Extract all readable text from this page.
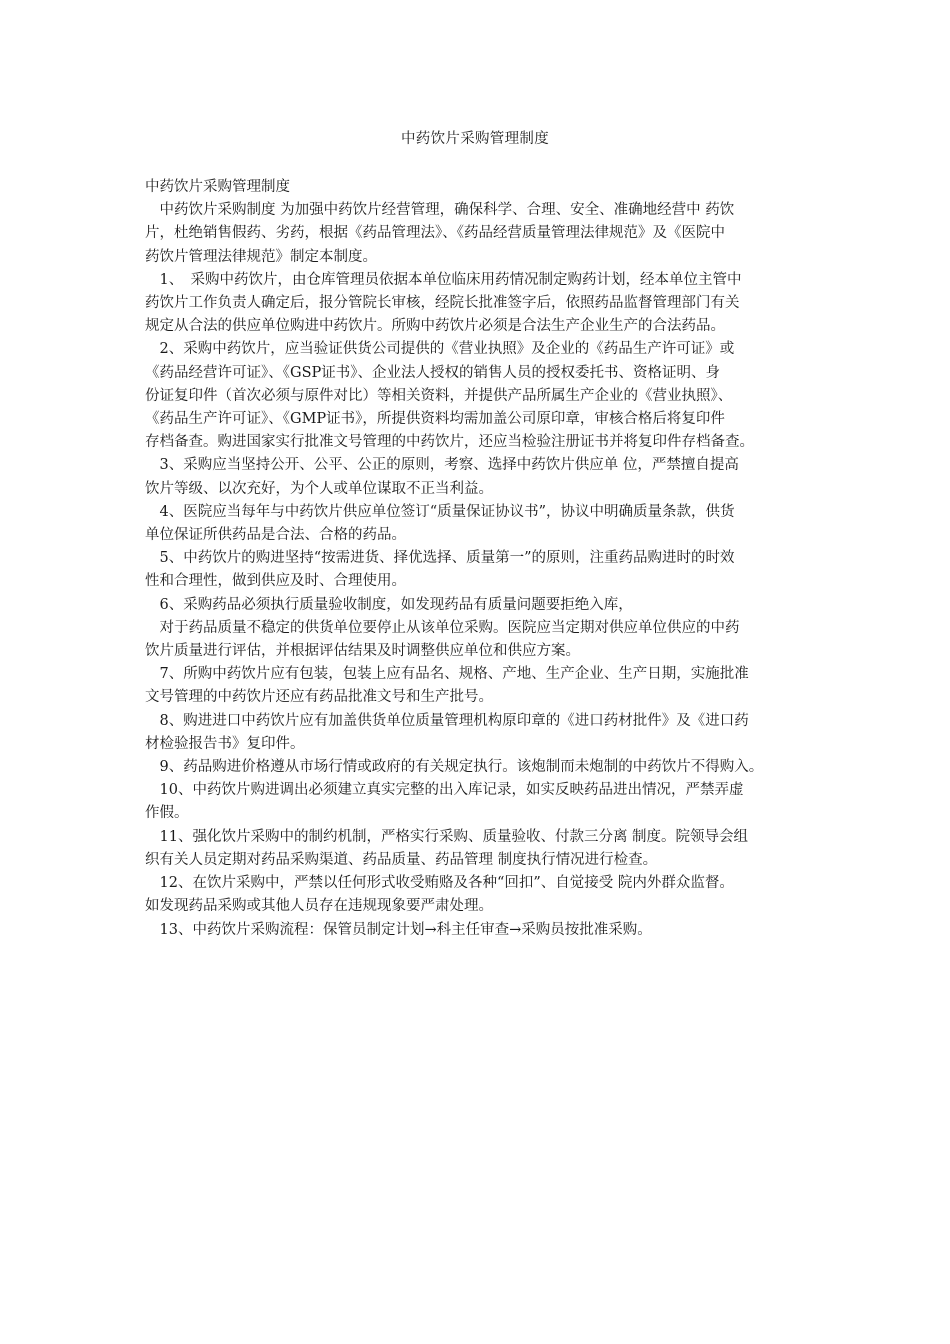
中药饮片采购管理制度

中药饮片采购管理制度

　中药饮片采购制度 为加强中药饮片经营管理，确保科学、合理、安全、准确地经营中 药饮
片，杜绝销售假药、劣药，根据《药品管理法》、《药品经营质量管理法律规范》及《医院中
药饮片管理法律规范》制定本制度。

　1、　采购中药饮片，由仓库管理员依据本单位临床用药情况制定购药计划，经本单位主管中
药饮片工作负责人确定后，报分管院长审核，经院长批准签字后，依照药品监督管理部门有关
规定从合法的供应单位购进中药饮片。所购中药饮片必须是合法生产企业生产的合法药品。

　2、采购中药饮片，应当验证供货公司提供的《营业执照》及企业的《药品生产许可证》或
《药品经营许可证》、《GSP证书》、企业法人授权的销售人员的授权委托书、资格证明、身
份证复印件（首次必须与原件对比）等相关资料，并提供产品所属生产企业的《营业执照》、
《药品生产许可证》、《GMP证书》，所提供资料均需加盖公司原印章，审核合格后将复印件
存档备查。购进国家实行批准文号管理的中药饮片，还应当检验注册证书并将复印件存档备查。

　3、采购应当坚持公开、公平、公正的原则，考察、选择中药饮片供应单 位，严禁擅自提高
饮片等级、以次充好，为个人或单位谋取不正当利益。

　4、医院应当每年与中药饮片供应单位签订“质量保证协议书”，协议中明确质量条款，供货
单位保证所供药品是合法、合格的药品。

　5、中药饮片的购进坚持“按需进货、择优选择、质量第一”的原则，注重药品购进时的时效
性和合理性，做到供应及时、合理使用。

　6、采购药品必须执行质量验收制度，如发现药品有质量问题要拒绝入库，
　对于药品质量不稳定的供货单位要停止从该单位采购。医院应当定期对供应单位供应的中药
饮片质量进行评估，并根据评估结果及时调整供应单位和供应方案。

　7、所购中药饮片应有包装，包装上应有品名、规格、产地、生产企业、生产日期，实施批准
文号管理的中药饮片还应有药品批准文号和生产批号。

　8、购进进口中药饮片应有加盖供货单位质量管理机构原印章的《进口药材批件》及《进口药
材检验报告书》复印件。

　9、药品购进价格遵从市场行情或政府的有关规定执行。该炮制而未炮制的中药饮片不得购入。

　10、中药饮片购进调出必须建立真实完整的出入库记录，如实反映药品进出情况，严禁弄虚
作假。

　11、强化饮片采购中的制约机制，严格实行采购、质量验收、付款三分离 制度。院领导会组
织有关人员定期对药品采购渠道、药品质量、药品管理 制度执行情况进行检查。

　12、在饮片采购中，严禁以任何形式收受贿赂及各种“回扣”、自觉接受 院内外群众监督。
如发现药品采购或其他人员存在违规现象要严肃处理。

　13、中药饮片采购流程：保管员制定计划→科主任审查→采购员按批准采购。
